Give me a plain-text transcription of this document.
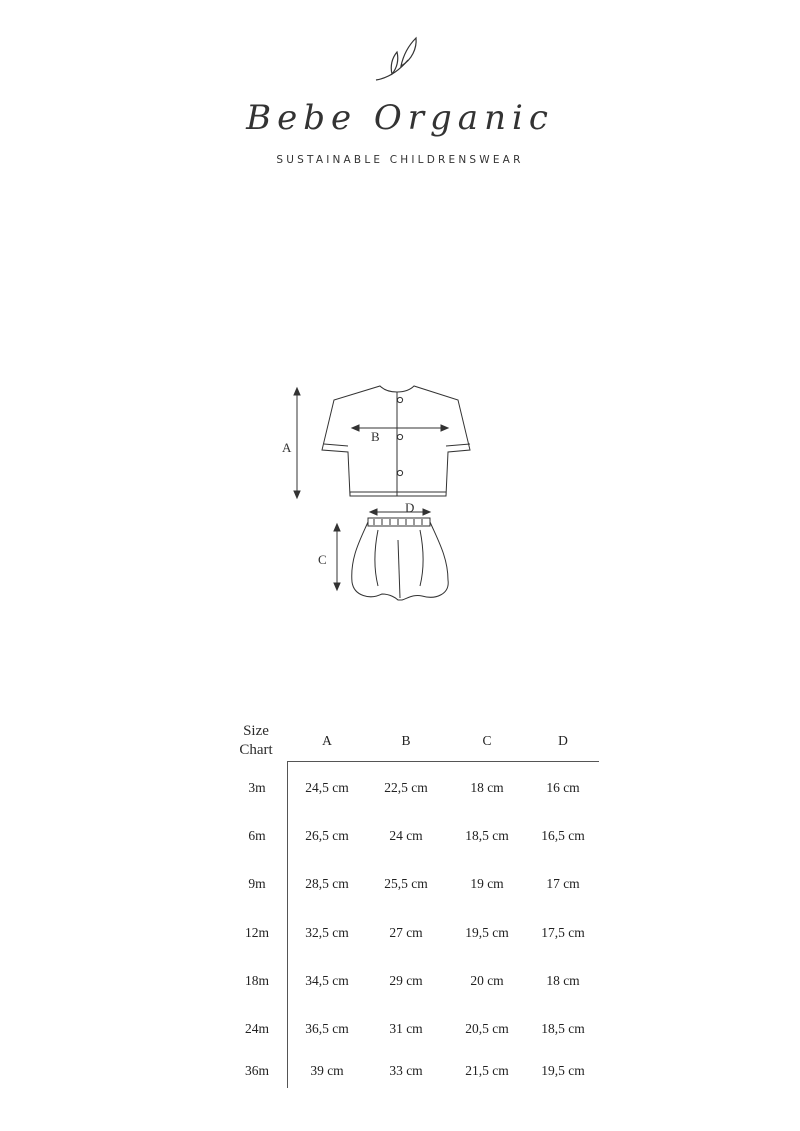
Bebe Organic
SUSTAINABLE CHILDRENSWEAR
A
B
C
D
Size
Chart
A	B	C	D
3m	24,5 cm	22,5 cm	18 cm	16 cm
6m	26,5 cm	24 cm	18,5 cm	16,5 cm
9m	28,5 cm	25,5 cm	19 cm	17 cm
12m	32,5 cm	27 cm	19,5 cm	17,5 cm
18m	34,5 cm	29 cm	20 cm	18 cm
24m	36,5 cm	31 cm	20,5 cm	18,5 cm
36m	39 cm	33 cm	21,5 cm	19,5 cm
